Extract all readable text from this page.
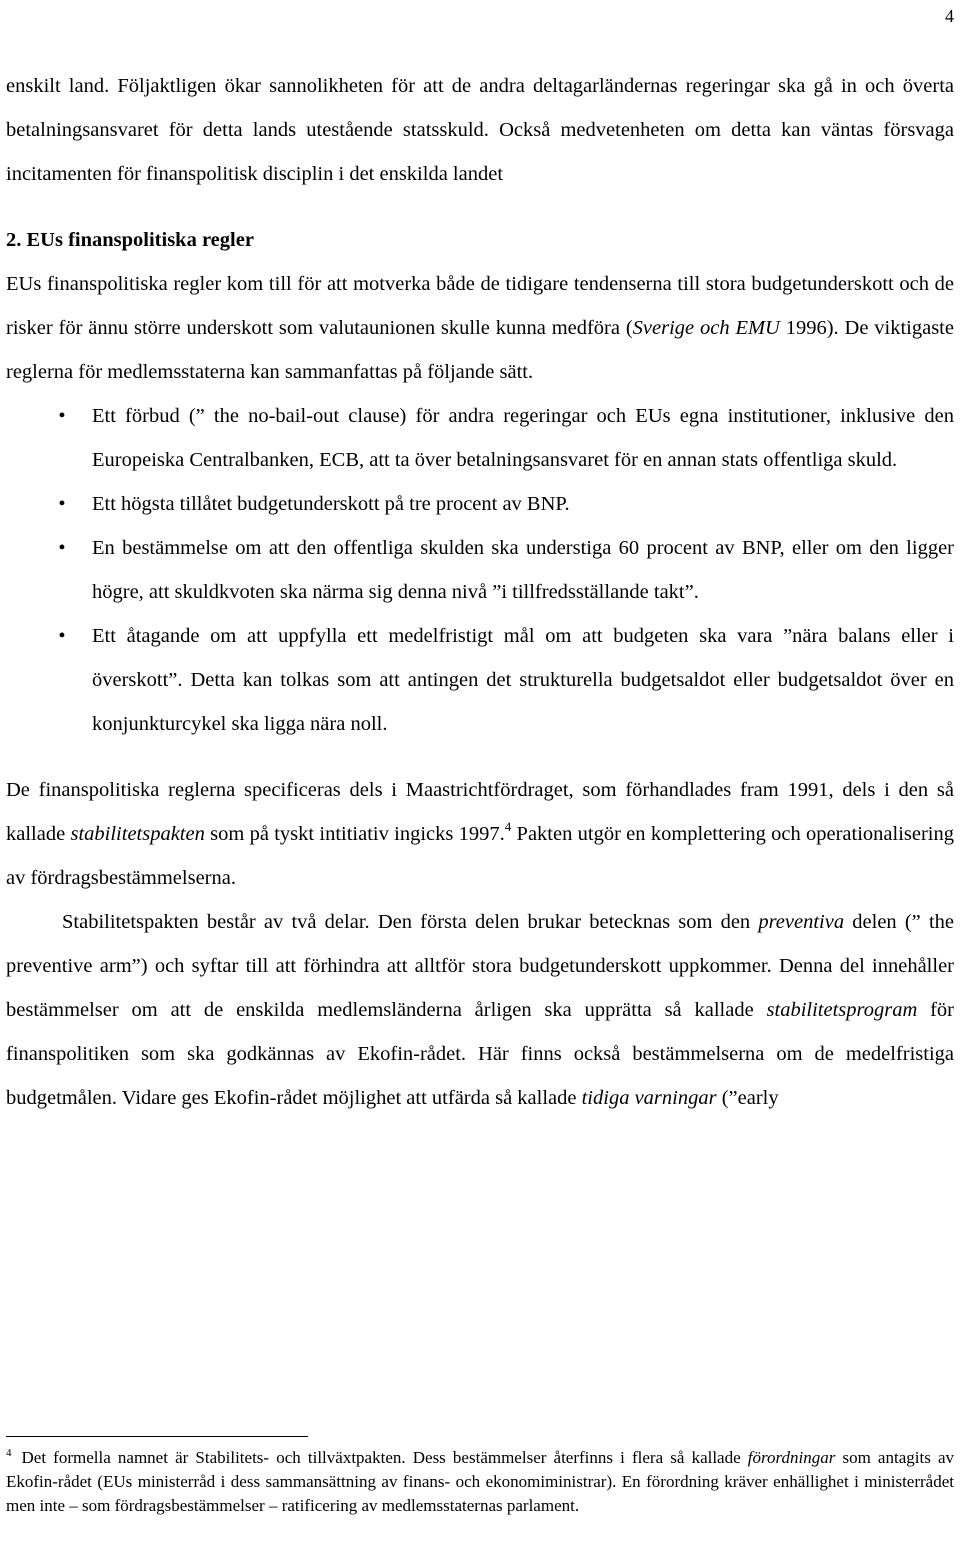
4

enskilt land. Följaktligen ökar sannolikheten för att de andra deltagarländernas regeringar ska gå in och överta betalningsansvaret för detta lands utestående statsskuld. Också medvetenheten om detta kan väntas försvaga incitamenten för finanspolitisk disciplin i det enskilda landet

2. EUs finanspolitiska regler

EUs finanspolitiska regler kom till för att motverka både de tidigare tendenserna till stora budgetunderskott och de risker för ännu större underskott som valutaunionen skulle kunna medföra (Sverige och EMU 1996). De viktigaste reglerna för medlemsstaterna kan sammanfattas på följande sätt.

•	Ett förbud (” the no-bail-out clause) för andra regeringar och EUs egna institutioner, inklusive den Europeiska Centralbanken, ECB, att ta över betalningsansvaret för en annan stats offentliga skuld.
•	Ett högsta tillåtet budgetunderskott på tre procent av BNP.
•	En bestämmelse om att den offentliga skulden ska understiga 60 procent av BNP, eller om den ligger högre, att skuldkvoten ska närma sig denna nivå ”i tillfredsställande takt”.
•	Ett åtagande om att uppfylla ett medelfristigt mål om att budgeten ska vara ”nära balans eller i överskott”. Detta kan tolkas som att antingen det strukturella budgetsaldot eller budgetsaldot över en konjunkturcykel ska ligga nära noll.

De finanspolitiska reglerna specificeras dels i Maastrichtfördraget, som förhandlades fram 1991, dels i den så kallade stabilitetspakten som på tyskt intitiativ ingicks 1997.$^4$ Pakten utgör en komplettering och operationalisering av fördragsbestämmelserna.

Stabilitetspakten består av två delar. Den första delen brukar betecknas som den preventiva delen (” the preventive arm”) och syftar till att förhindra att alltför stora budgetunderskott uppkommer. Denna del innehåller bestämmelser om att de enskilda medlemsländerna årligen ska upprätta så kallade stabilitetsprogram för finanspolitiken som ska godkännas av Ekofin-rådet. Här finns också bestämmelserna om de medelfristiga budgetmålen. Vidare ges Ekofin-rådet möjlighet att utfärda så kallade tidiga varningar (”early

$^4$ Det formella namnet är Stabilitets- och tillväxtpakten. Dess bestämmelser återfinns i flera så kallade förordningar som antagits av Ekofin-rådet (EUs ministerråd i dess sammansättning av finans- och ekonomiministrar). En förordning kräver enhällighet i ministerrådet men inte – som fördragsbestämmelser – ratificering av medlemsstaternas parlament.
